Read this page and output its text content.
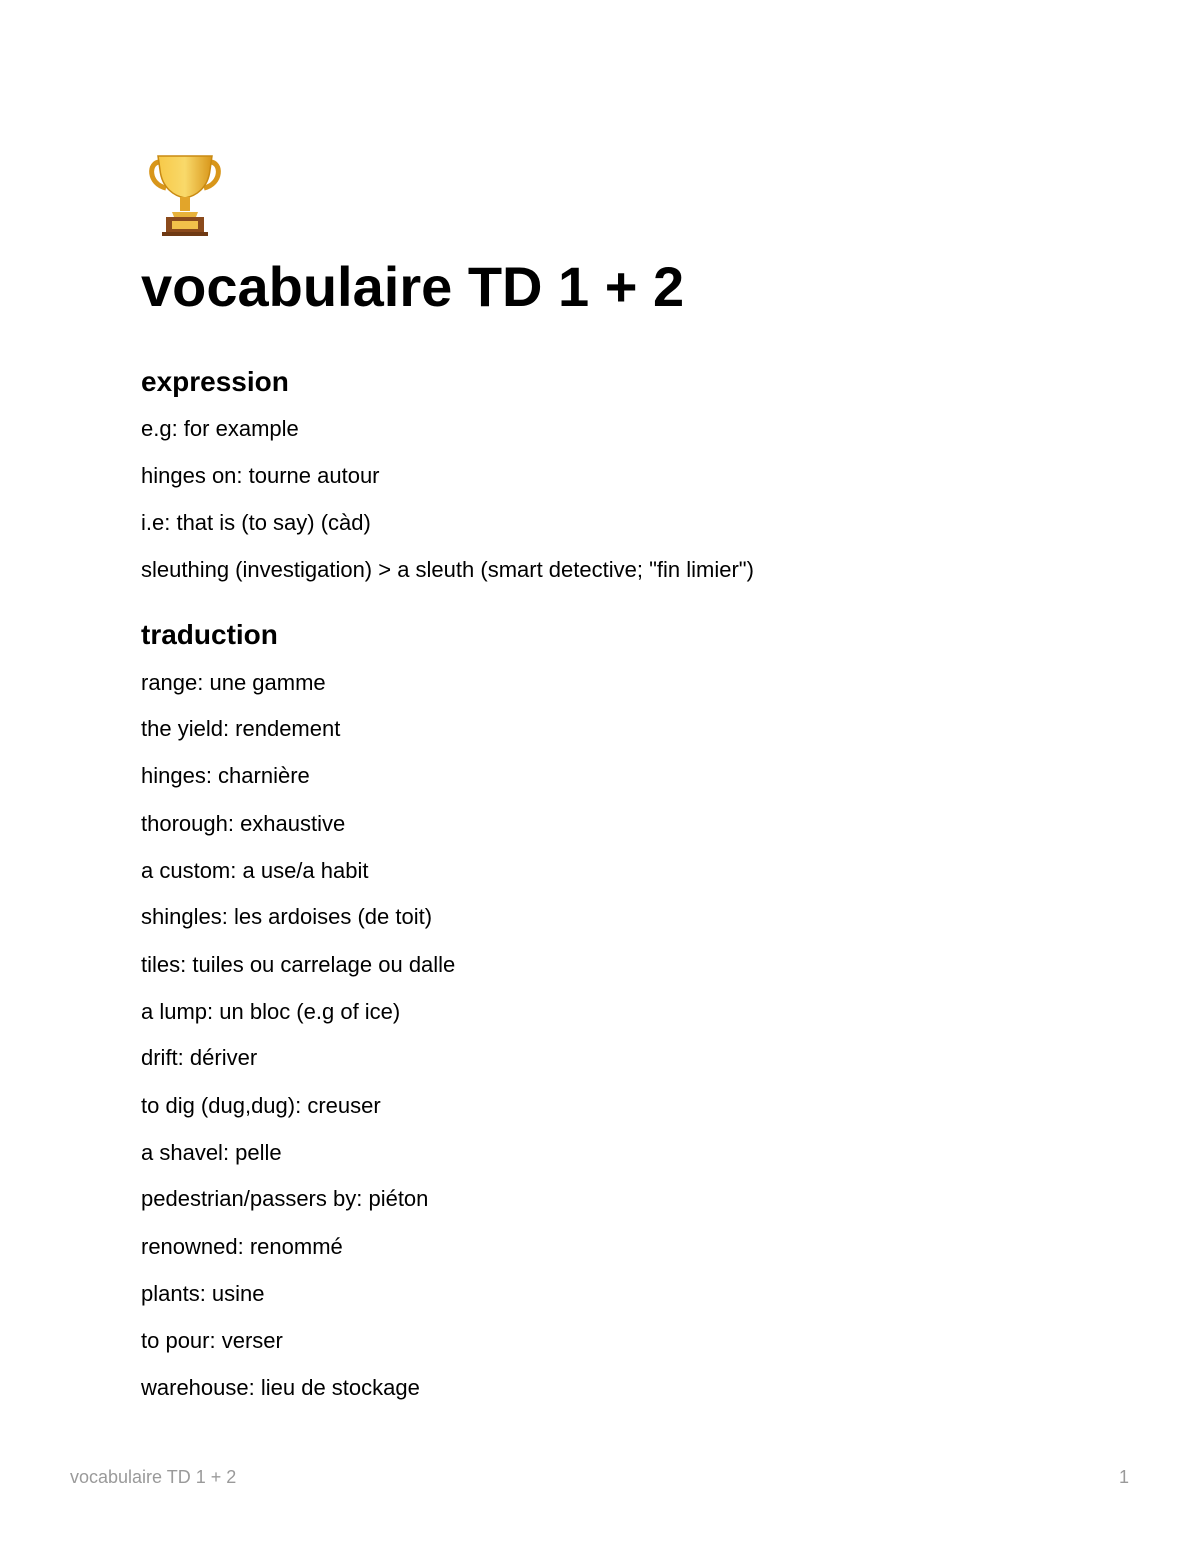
vocabulaire TD 1 + 2
expression

e.g: for example

hinges on: tourne autour

i.e: that is (to say) (càd)

sleuthing (investigation) > a sleuth (smart detective; "fin limier")

traduction

range: une gamme

the yield: rendement

hinges: charnière

thorough: exhaustive

a custom: a use/a habit

shingles: les ardoises (de toit)

tiles: tuiles ou carrelage ou dalle

a lump: un bloc (e.g of ice)

drift: dériver

to dig (dug,dug): creuser

a shavel: pelle

pedestrian/passers by: piéton

renowned: renommé

plants: usine

to pour: verser

warehouse: lieu de stockage

vocabulaire TD 1 + 2	1
